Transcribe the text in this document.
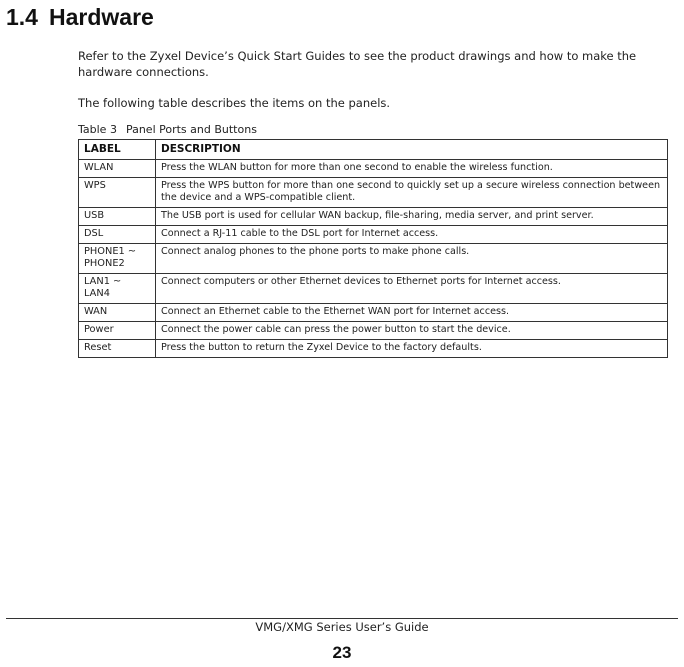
1.4 Hardware

Refer to the Zyxel Device’s Quick Start Guides to see the product drawings and how to make the hardware connections.

The following table describes the items on the panels.

Table 3 Panel Ports and Buttons
LABEL	DESCRIPTION
WLAN	Press the WLAN button for more than one second to enable the wireless function.
WPS	Press the WPS button for more than one second to quickly set up a secure wireless connection between the device and a WPS-compatible client.
USB	The USB port is used for cellular WAN backup, file-sharing, media server, and print server.
DSL	Connect a RJ-11 cable to the DSL port for Internet access.
PHONE1 ~ PHONE2	Connect analog phones to the phone ports to make phone calls.
LAN1 ~ LAN4	Connect computers or other Ethernet devices to Ethernet ports for Internet access.
WAN	Connect an Ethernet cable to the Ethernet WAN port for Internet access.
Power	Connect the power cable can press the power button to start the device.
Reset	Press the button to return the Zyxel Device to the factory defaults.
VMG/XMG Series User’s Guide
23
